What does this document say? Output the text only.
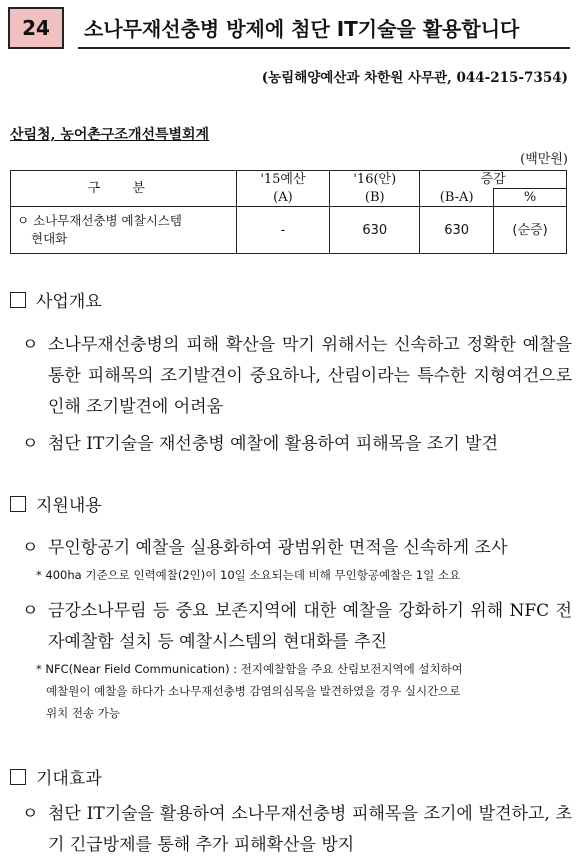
24	소나무재선충병 방제에 첨단 IT기술을 활용합니다
(농림해양예산과 차한원 사무관, 044-215-7354)
산림청, 농어촌구조개선특별회계
(백만원)
구 분	'15예산	'16(안)	증감	
	(A)	(B)	(B-A)	%
ㅇ 소나무재선충병 예찰시스템
현대화	-	630	630	(순증)
사업개요
ㅇ 소나무재선충병의 피해 확산을 막기 위해서는 신속하고 정확한 예찰을 통한 피해목의 조기발견이 중요하나, 산림이라는 특수한 지형여건으로 인해 조기발견에 어려움
ㅇ 첨단 IT기술을 재선충병 예찰에 활용하여 피해목을 조기 발견
지원내용
ㅇ 무인항공기 예찰을 실용화하여 광범위한 면적을 신속하게 조사
* 400ha 기준으로 인력예찰(2인)이 10일 소요되는데 비해 무인항공예찰은 1일 소요
ㅇ 금강소나무림 등 중요 보존지역에 대한 예찰을 강화하기 위해 NFC 전자예찰함 설치 등 예찰시스템의 현대화를 추진
* NFC(Near Field Communication) : 전지예찰함을 주요 산림보전지역에 설치하여
예찰원이 예찰을 하다가 소나무재선충병 감염의심목을 발견하였을 경우 실시간으로
위치 전송 가능
기대효과
ㅇ 첨단 IT기술을 활용하여 소나무재선충병 피해목을 조기에 발견하고, 초기 긴급방제를 통해 추가 피해확산을 방지
